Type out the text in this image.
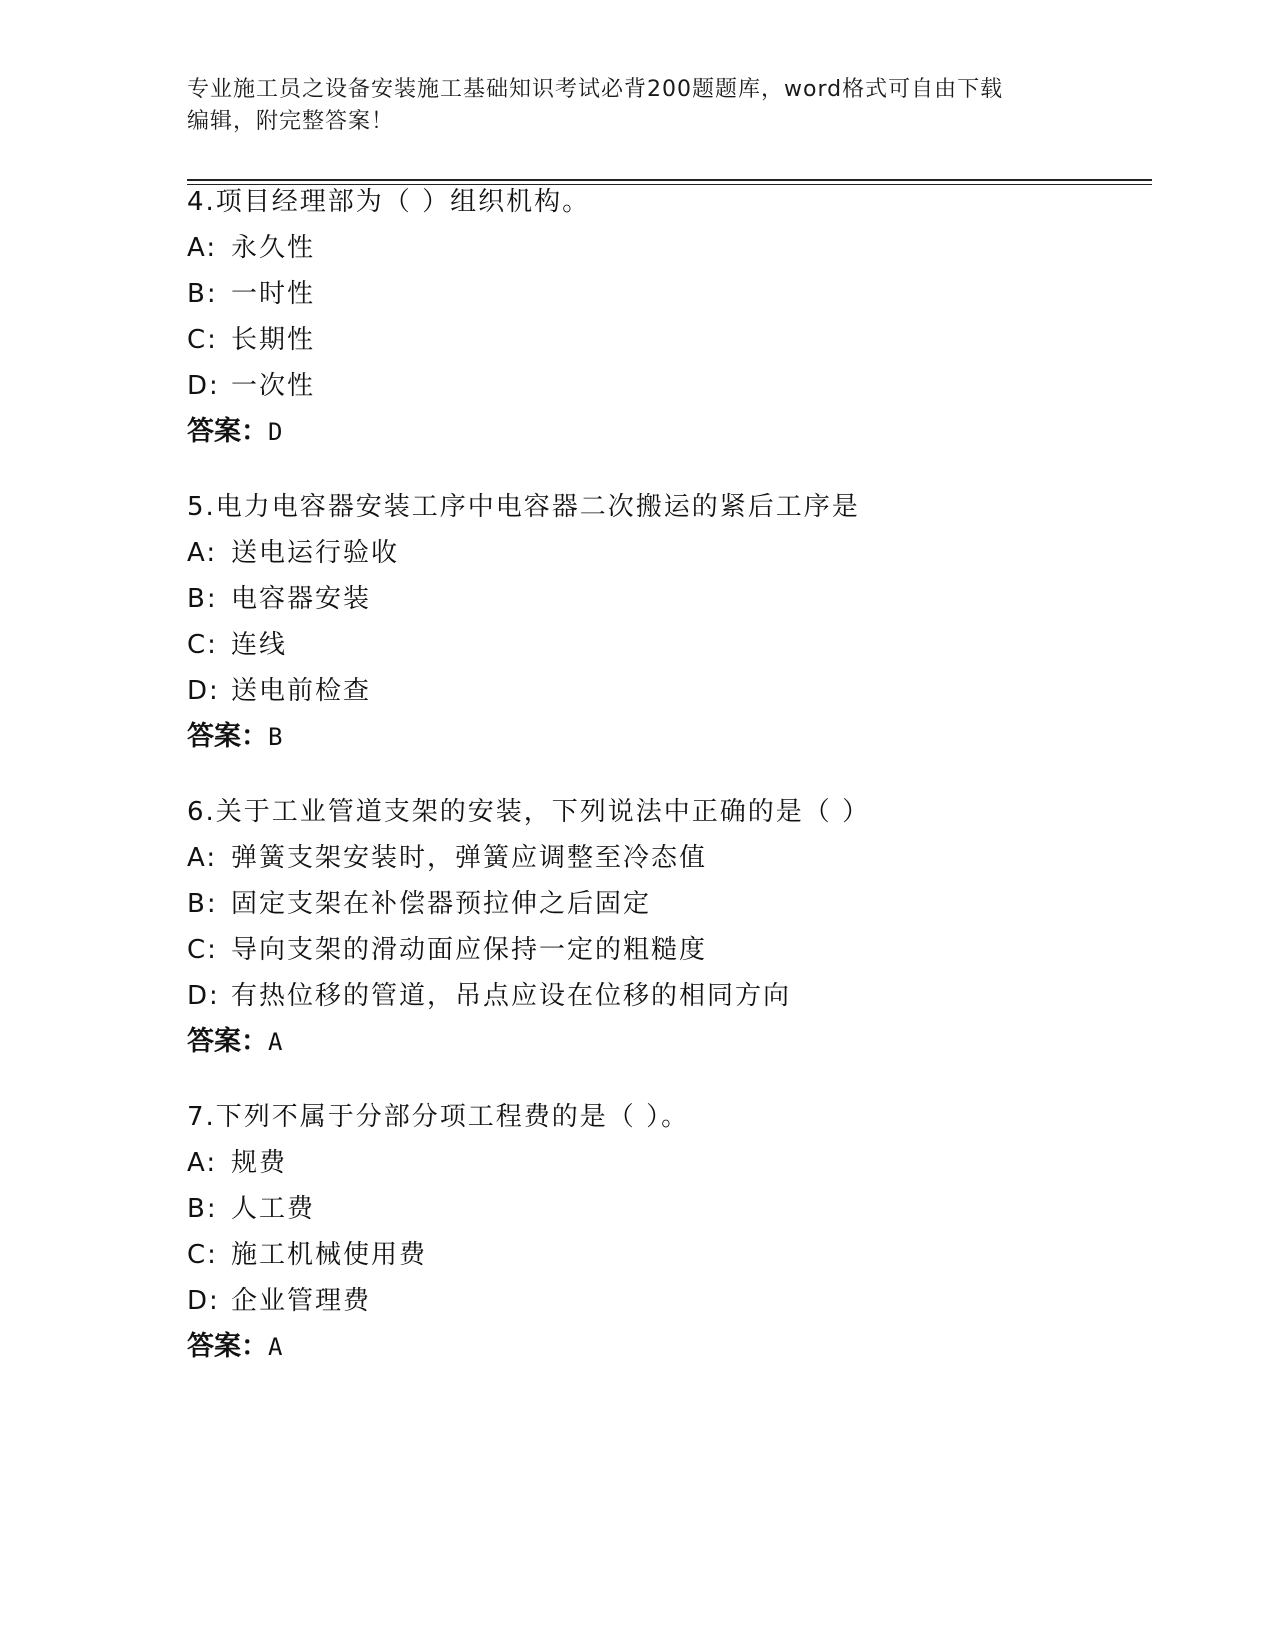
专业施工员之设备安装施工基础知识考试必背200题题库，word格式可自由下载
编辑，附完整答案！
4.项目经理部为（ ）组织机构。
A: 永久性
B: 一时性
C: 长期性
D: 一次性
答案：D
5.电力电容器安装工序中电容器二次搬运的紧后工序是
A: 送电运行验收
B: 电容器安装
C: 连线
D: 送电前检查
答案：B
6.关于工业管道支架的安装，下列说法中正确的是（ ）
A: 弹簧支架安装时，弹簧应调整至冷态值
B: 固定支架在补偿器预拉伸之后固定
C: 导向支架的滑动面应保持一定的粗糙度
D: 有热位移的管道，吊点应设在位移的相同方向
答案：A
7.下列不属于分部分项工程费的是（ ）。
A: 规费
B: 人工费
C: 施工机械使用费
D: 企业管理费
答案：A
